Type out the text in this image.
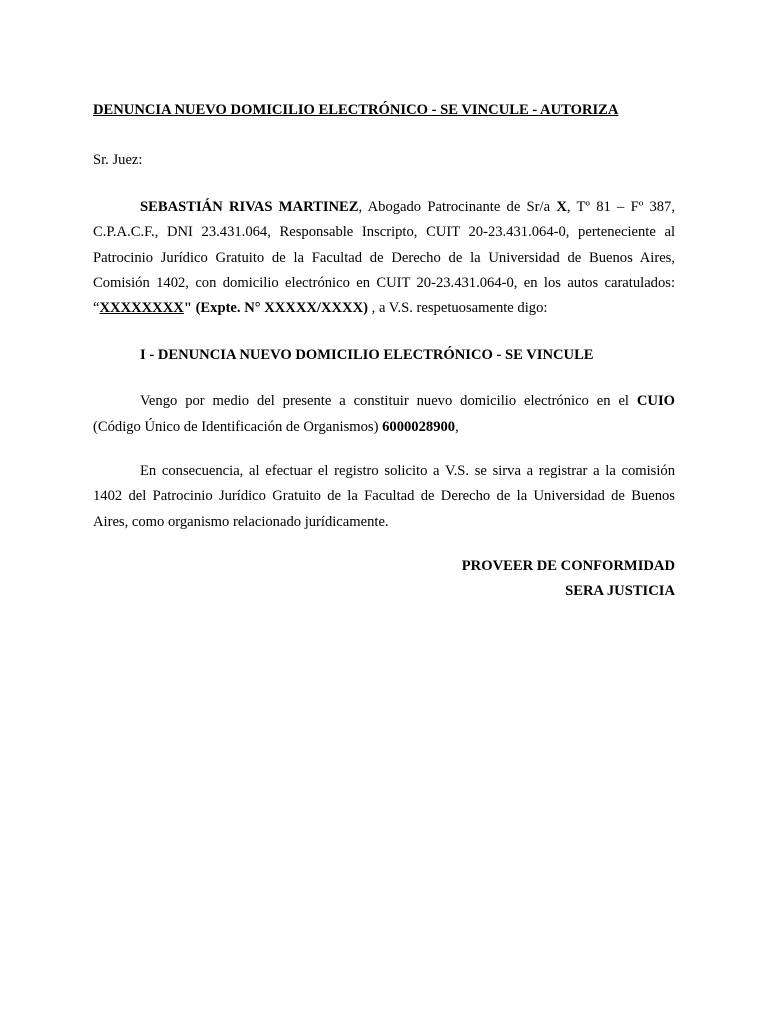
DENUNCIA NUEVO DOMICILIO ELECTRÓNICO - SE VINCULE - AUTORIZA
Sr. Juez:

SEBASTIÁN RIVAS MARTINEZ, Abogado Patrocinante de Sr/a X, Tº 81 – Fº 387, C.P.A.C.F., DNI 23.431.064, Responsable Inscripto, CUIT 20-23.431.064-0, perteneciente al Patrocinio Jurídico Gratuito de la Facultad de Derecho de la Universidad de Buenos Aires, Comisión 1402, con domicilio electrónico en CUIT 20-23.431.064-0, en los autos caratulados: “XXXXXXXX" (Expte. N° XXXXX/XXXX) , a V.S. respetuosamente digo:

I - DENUNCIA NUEVO DOMICILIO ELECTRÓNICO - SE VINCULE

Vengo por medio del presente a constituir nuevo domicilio electrónico en el CUIO (Código Único de Identificación de Organismos) 6000028900,

En consecuencia, al efectuar el registro solicito a V.S. se sirva a registrar a la comisión 1402 del Patrocinio Jurídico Gratuito de la Facultad de Derecho de la Universidad de Buenos Aires, como organismo relacionado jurídicamente.

PROVEER DE CONFORMIDAD
SERA JUSTICIA
